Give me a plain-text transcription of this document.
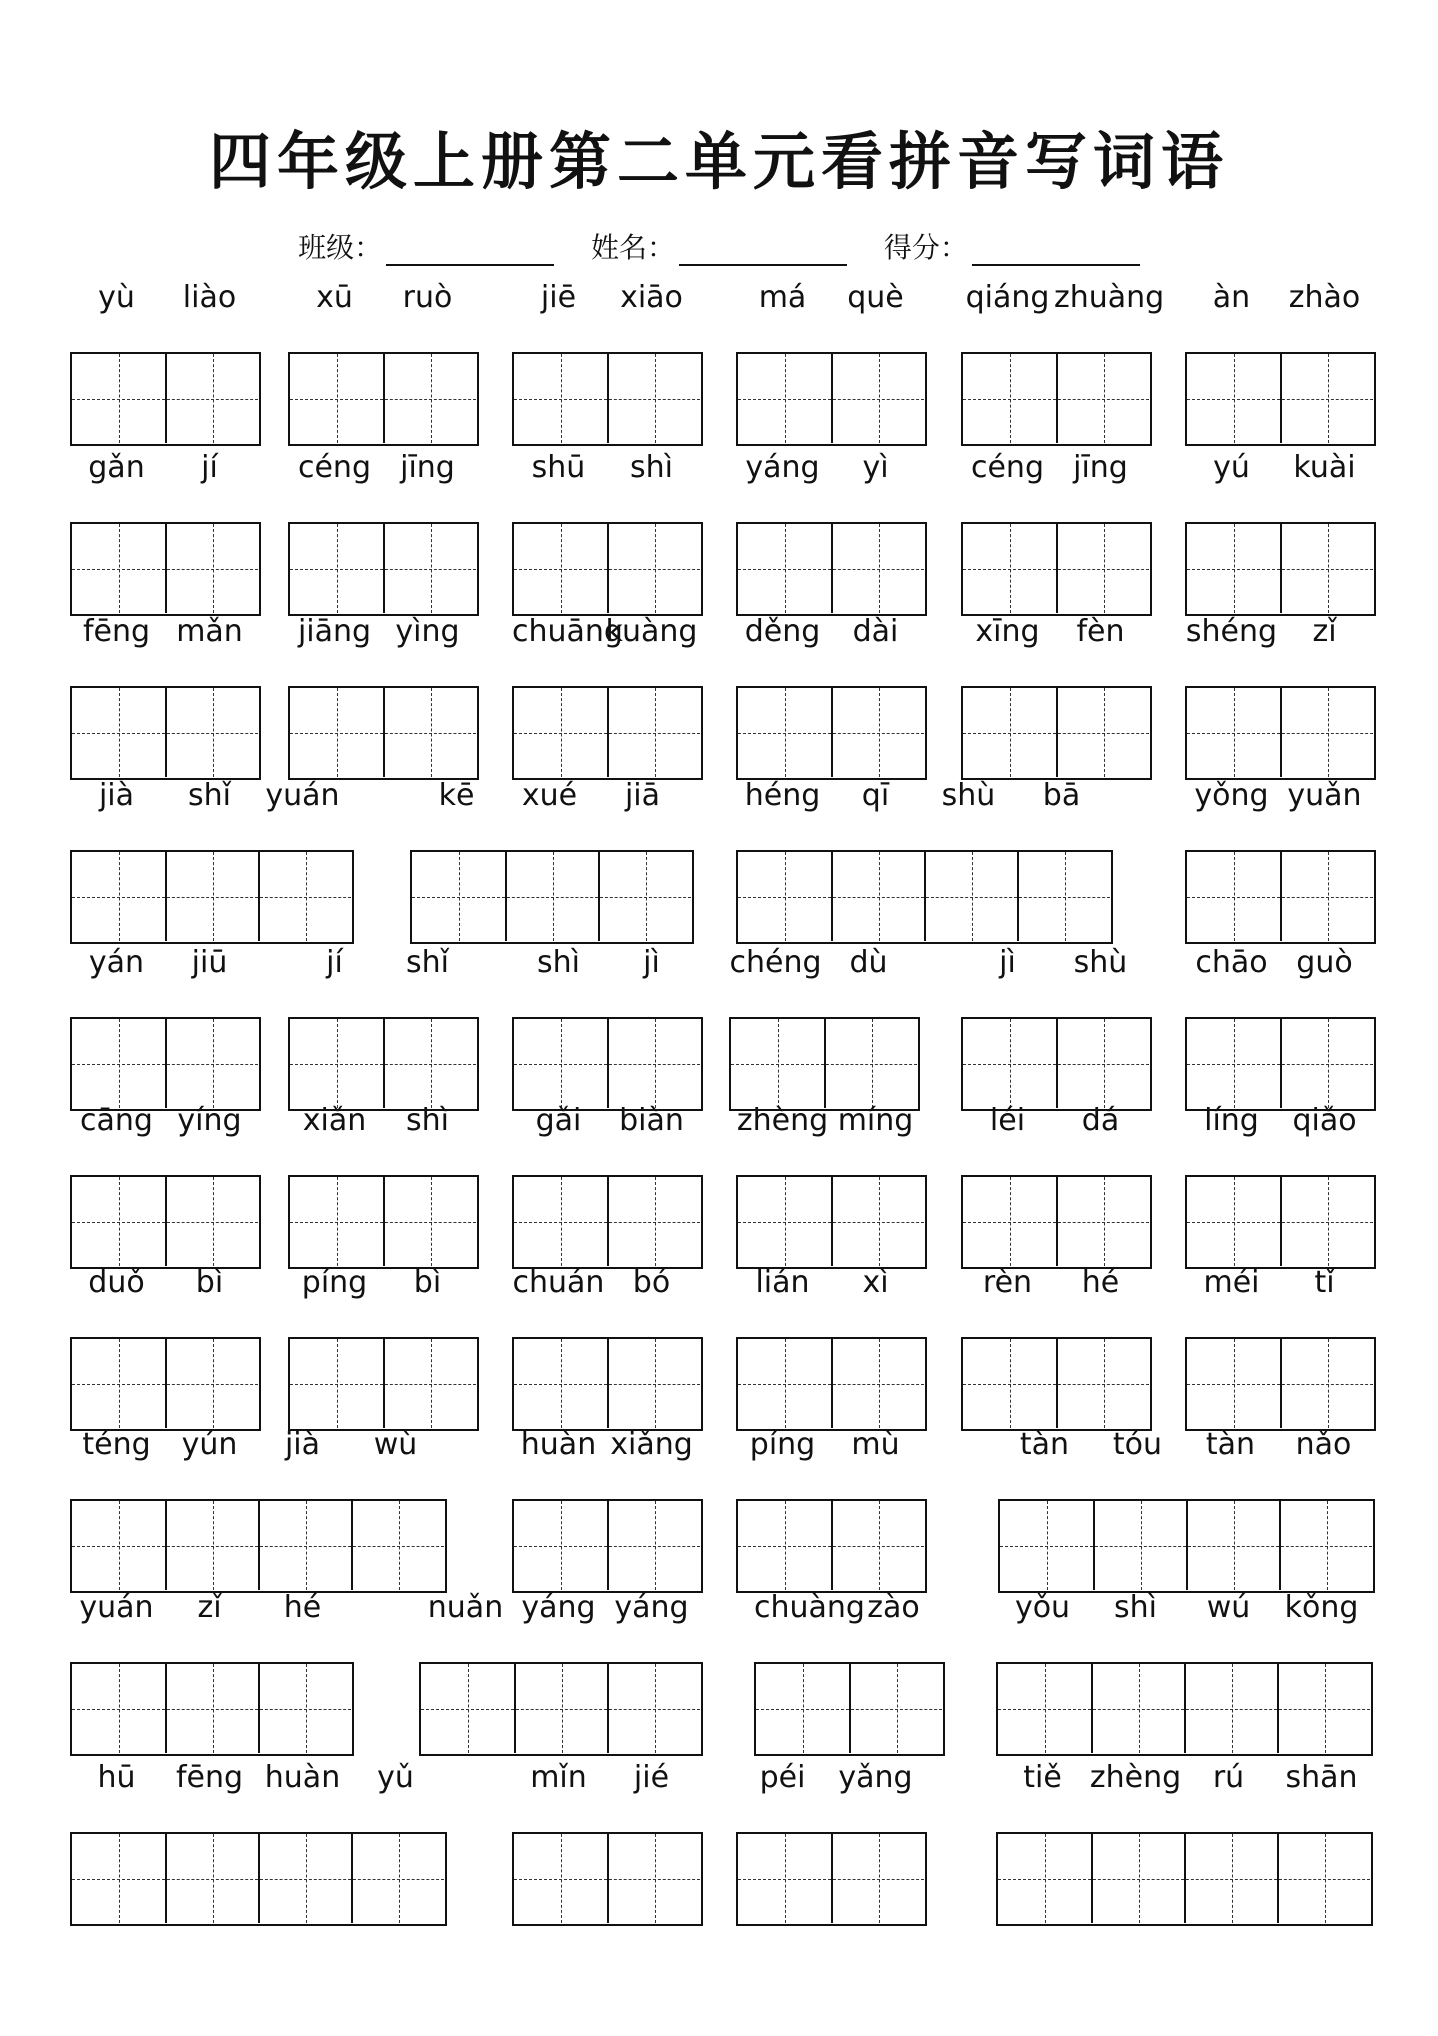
四年级上册第二单元看拼音写词语
班级：	姓名：	得分：
yù	liào	xū	ruò	jiē	xiāo	má	què	qiáng zhuàng	àn	zhào
gǎn	jí	céng jīng	shū	shì	yáng	yì	céng jīng	yú	kuài
fēng mǎn	jiāng yìng	chuāng
kuàng děng	dài	xīng	fèn	shéng	zǐ
jià	shǐ	yuán	kē	xué	jiā	héng	qī	shù	bā	yǒng yuǎn
yán	jiū	jí	shǐ	shì	jì	chéng dù	jì	shù	chāo guò
cāng yíng	xiǎn	shì	gǎi	biàn	zhèng míng	léi	dá	líng	qiǎo
duǒ	bì	píng	bì	chuán bó	lián	xì	rèn	hé	méi	tǐ
téng	yún	jià	wù	huàn xiǎng	píng	mù	tàn	tóu	tàn	nǎo
yuán	zǐ	hé	nuǎn yáng yáng	chuàng zào	yǒu	shì	wú	kǒng
hū	fēng huàn	yǔ	mǐn	jié	péi	yǎng	tiě zhèng	rú	shān
